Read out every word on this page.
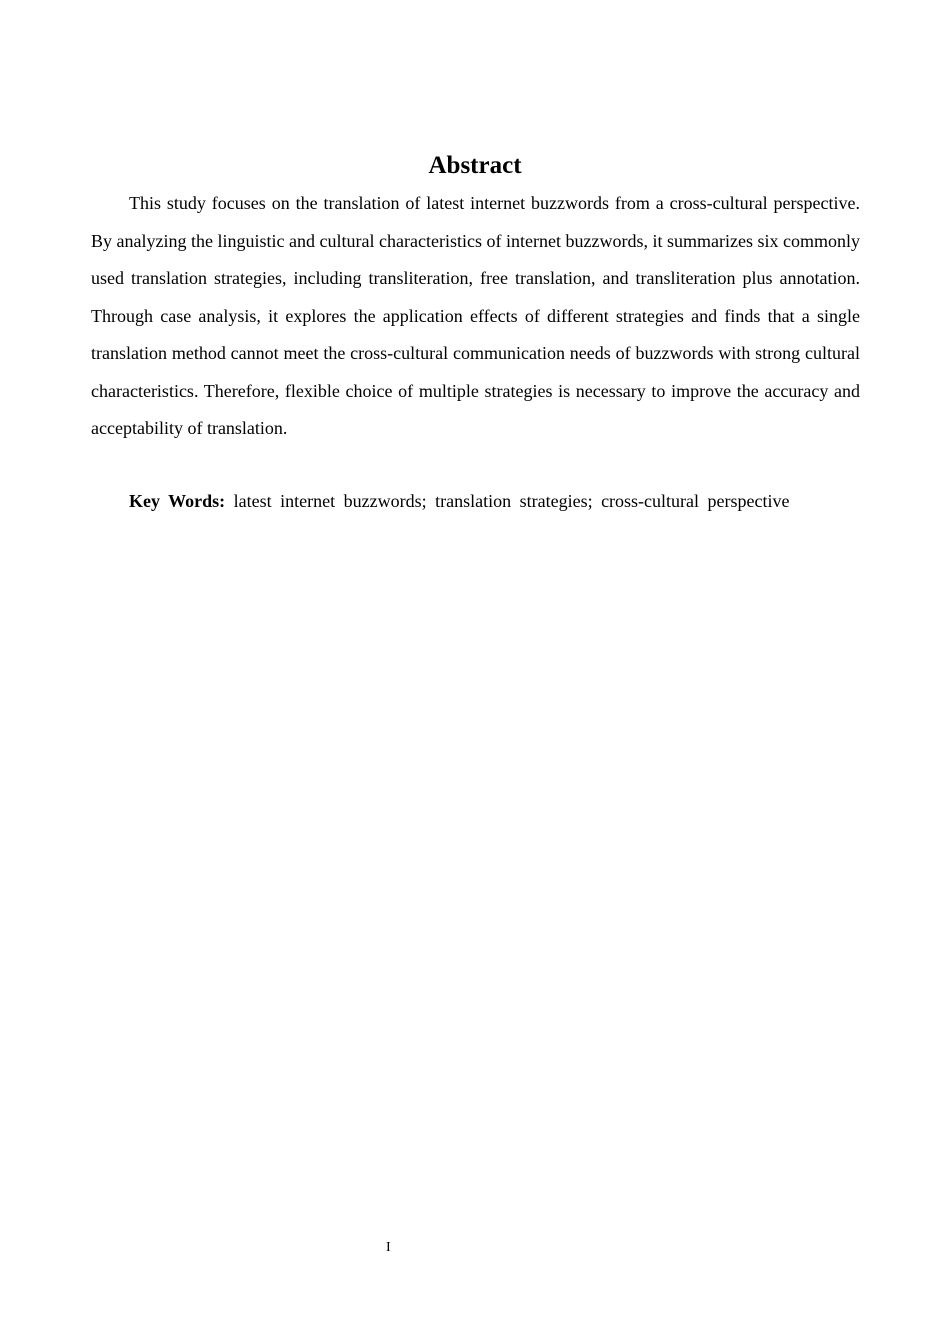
Abstract

This study focuses on the translation of latest internet buzzwords from a cross-cultural perspective. By analyzing the linguistic and cultural characteristics of internet buzzwords, it summarizes six commonly used translation strategies, including transliteration, free translation, and transliteration plus annotation. Through case analysis, it explores the application effects of different strategies and finds that a single translation method cannot meet the cross-cultural communication needs of buzzwords with strong cultural characteristics. Therefore, flexible choice of multiple strategies is necessary to improve the accuracy and acceptability of translation.

Key Words: latest internet buzzwords; translation strategies; cross-cultural perspective

I
